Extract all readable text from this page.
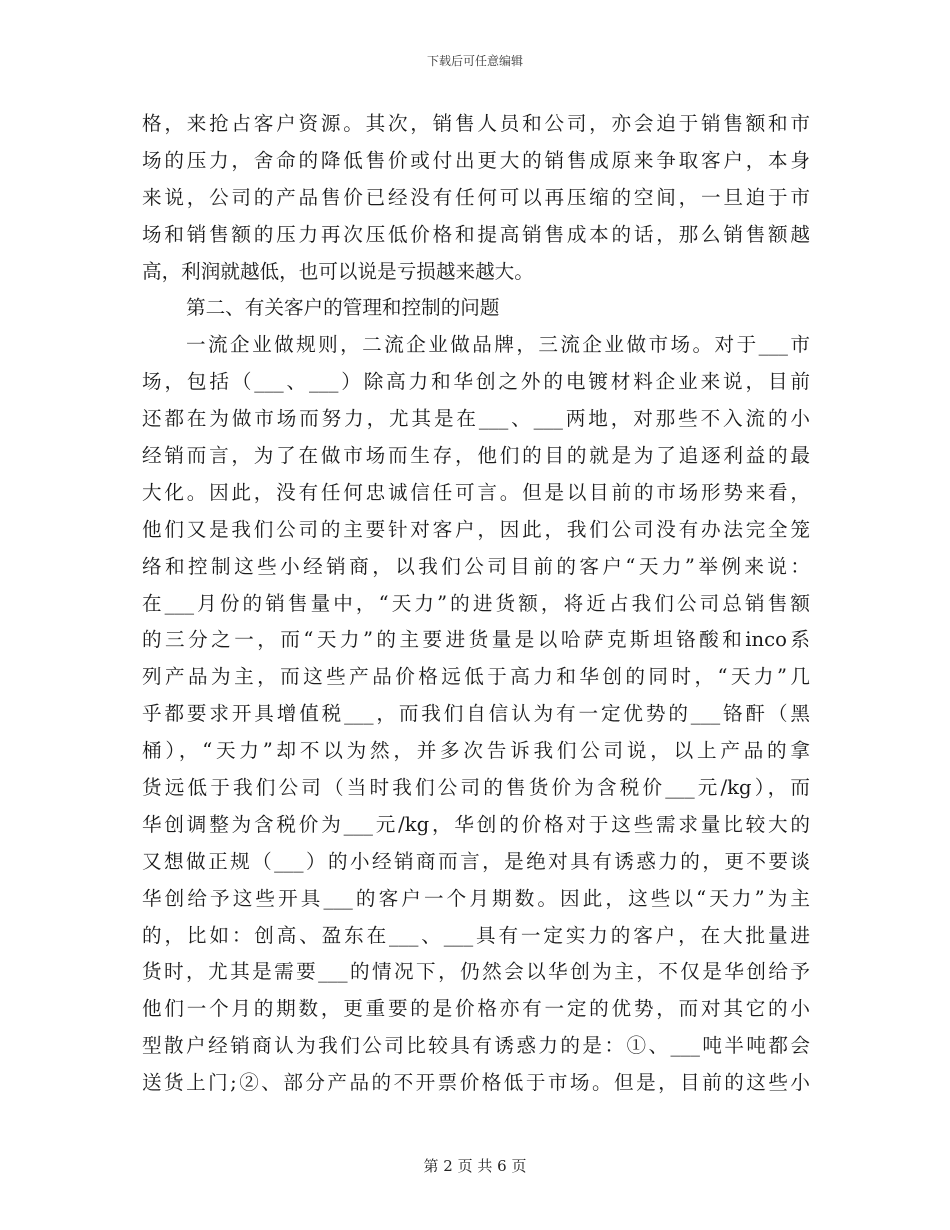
下载后可任意编辑
格，来抢占客户资源。其次，销售人员和公司，亦会迫于销售额和市
场的压力，舍命的降低售价或付出更大的销售成原来争取客户，本身
来说，公司的产品售价已经没有任何可以再压缩的空间，一旦迫于市
场和销售额的压力再次压低价格和提高销售成本的话，那么销售额越
高，利润就越低，也可以说是亏损越来越大。
第二、有关客户的管理和控制的问题
一流企业做规则，二流企业做品牌，三流企业做市场。对于___市
场，包括（___、___）除高力和华创之外的电镀材料企业来说，目前
还都在为做市场而努力，尤其是在___、___两地，对那些不入流的小
经销而言，为了在做市场而生存，他们的目的就是为了追逐利益的最
大化。因此，没有任何忠诚信任可言。但是以目前的市场形势来看，
他们又是我们公司的主要针对客户，因此，我们公司没有办法完全笼
络和控制这些小经销商，以我们公司目前的客户“天力”举例来说：
在___月份的销售量中，“天力”的进货额，将近占我们公司总销售额
的三分之一，而“天力”的主要进货量是以哈萨克斯坦铬酸和inco系
列产品为主，而这些产品价格远低于高力和华创的同时，“天力”几
乎都要求开具增值税___，而我们自信认为有一定优势的___铬酐（黑
桶），“天力”却不以为然，并多次告诉我们公司说，以上产品的拿
货远低于我们公司（当时我们公司的售货价为含税价___元/kg），而
华创调整为含税价为___元/kg，华创的价格对于这些需求量比较大的
又想做正规（___）的小经销商而言，是绝对具有诱惑力的，更不要谈
华创给予这些开具___的客户一个月期数。因此，这些以“天力”为主
的，比如：创高、盈东在___、___具有一定实力的客户，在大批量进
货时，尤其是需要___的情况下，仍然会以华创为主，不仅是华创给予
他们一个月的期数，更重要的是价格亦有一定的优势，而对其它的小
型散户经销商认为我们公司比较具有诱惑力的是：①、___吨半吨都会
送货上门;②、部分产品的不开票价格低于市场。但是，目前的这些小
第 2 页 共 6 页
